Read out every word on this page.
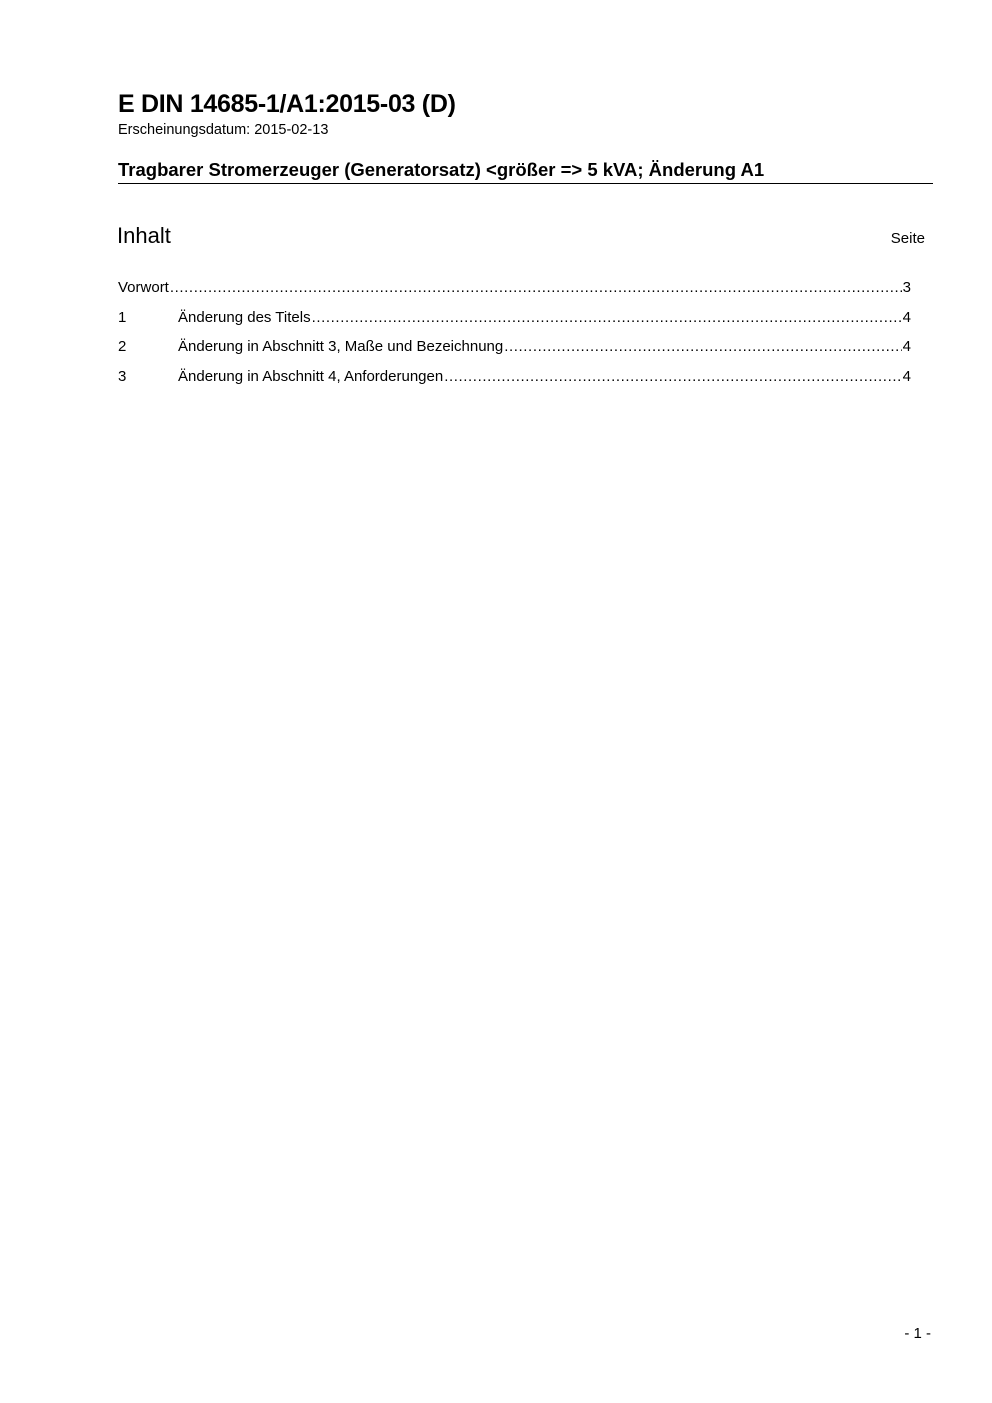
E DIN 14685-1/A1:2015-03 (D)
Erscheinungsdatum: 2015-02-13
Tragbarer Stromerzeuger (Generatorsatz) <größer => 5 kVA; Änderung A1
Inhalt	Seite
Vorwort .....	3
1	Änderung des Titels .....	4
2	Änderung in Abschnitt 3, Maße und Bezeichnung .....	4
3	Änderung in Abschnitt 4, Anforderungen .....	4
- 1 -
